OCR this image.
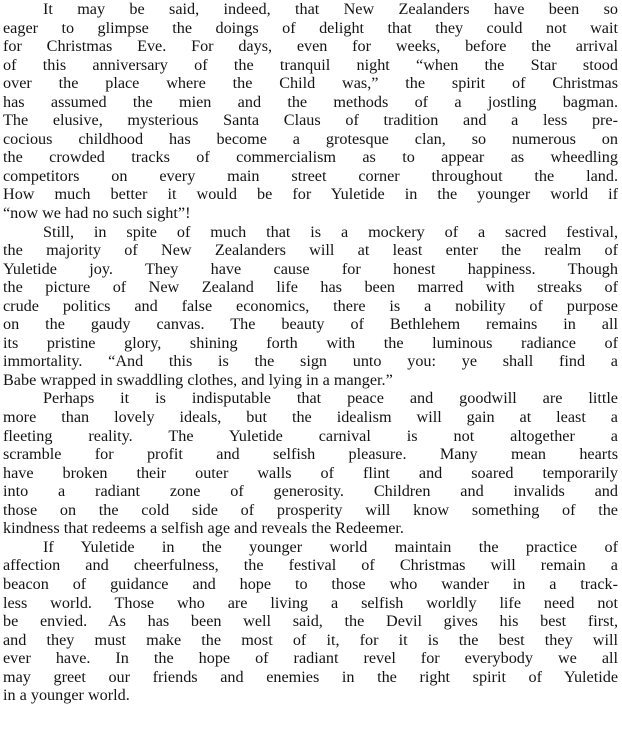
It may be said, indeed, that New Zealanders have been so
eager to glimpse the doings of delight that they could not wait
for Christmas Eve. For days, even for weeks, before the arrival
of this anniversary of the tranquil night “when the Star stood
over the place where the Child was,” the spirit of Christmas
has assumed the mien and the methods of a jostling bagman.
The elusive, mysterious Santa Claus of tradition and a less pre-
cocious childhood has become a grotesque clan, so numerous on
the crowded tracks of commercialism as to appear as wheedling
competitors on every main street corner throughout the land.
How much better it would be for Yuletide in the younger world if
“now we had no such sight”!
Still, in spite of much that is a mockery of a sacred festival,
the majority of New Zealanders will at least enter the realm of
Yuletide joy. They have cause for honest happiness. Though
the picture of New Zealand life has been marred with streaks of
crude politics and false economics, there is a nobility of purpose
on the gaudy canvas. The beauty of Bethlehem remains in all
its pristine glory, shining forth with the luminous radiance of
immortality. “And this is the sign unto you: ye shall find a
Babe wrapped in swaddling clothes, and lying in a manger.”
Perhaps it is indisputable that peace and goodwill are little
more than lovely ideals, but the idealism will gain at least a
fleeting reality. The Yuletide carnival is not altogether a
scramble for profit and selfish pleasure. Many mean hearts
have broken their outer walls of flint and soared temporarily
into a radiant zone of generosity. Children and invalids and
those on the cold side of prosperity will know something of the
kindness that redeems a selfish age and reveals the Redeemer.
If Yuletide in the younger world maintain the practice of
affection and cheerfulness, the festival of Christmas will remain a
beacon of guidance and hope to those who wander in a track-
less world. Those who are living a selfish worldly life need not
be envied. As has been well said, the Devil gives his best first,
and they must make the most of it, for it is the best they will
ever have. In the hope of radiant revel for everybody we all
may greet our friends and enemies in the right spirit of Yuletide
in a younger world.
